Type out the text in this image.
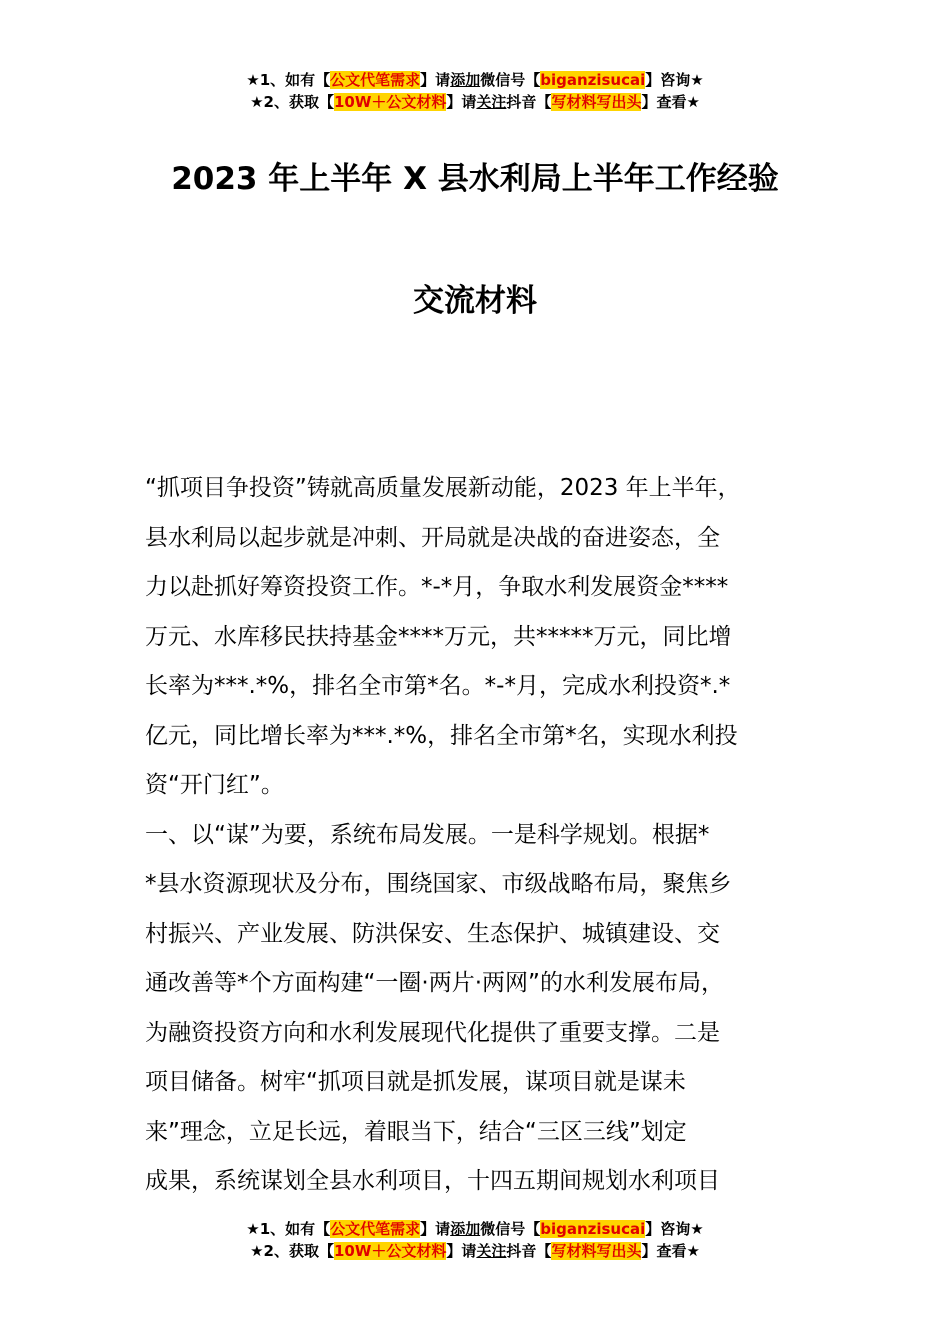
★1、如有【公文代笔需求】请添加微信号【biganzisucai】咨询★
★2、获取【10W＋公文材料】请关注抖音【写材料写出头】查看★
2023 年上半年 X 县水利局上半年工作经验
交流材料
“抓项目争投资”铸就高质量发展新动能，2023 年上半年，
县水利局以起步就是冲刺、开局就是决战的奋进姿态，全
力以赴抓好筹资投资工作。*-*月，争取水利发展资金****
万元、水库移民扶持基金****万元，共*****万元，同比增
长率为***.*%，排名全市第*名。*-*月，完成水利投资*.*
亿元，同比增长率为***.*%，排名全市第*名，实现水利投
资“开门红”。
一、以“谋”为要，系统布局发展。一是科学规划。根据*
*县水资源现状及分布，围绕国家、市级战略布局，聚焦乡
村振兴、产业发展、防洪保安、生态保护、城镇建设、交
通改善等*个方面构建“一圈·两片·两网”的水利发展布局，
为融资投资方向和水利发展现代化提供了重要支撑。二是
项目储备。树牢“抓项目就是抓发展，谋项目就是谋未
来”理念，立足长远，着眼当下，结合“三区三线”划定
成果，系统谋划全县水利项目，十四五期间规划水利项目
★1、如有【公文代笔需求】请添加微信号【biganzisucai】咨询★
★2、获取【10W＋公文材料】请关注抖音【写材料写出头】查看★
